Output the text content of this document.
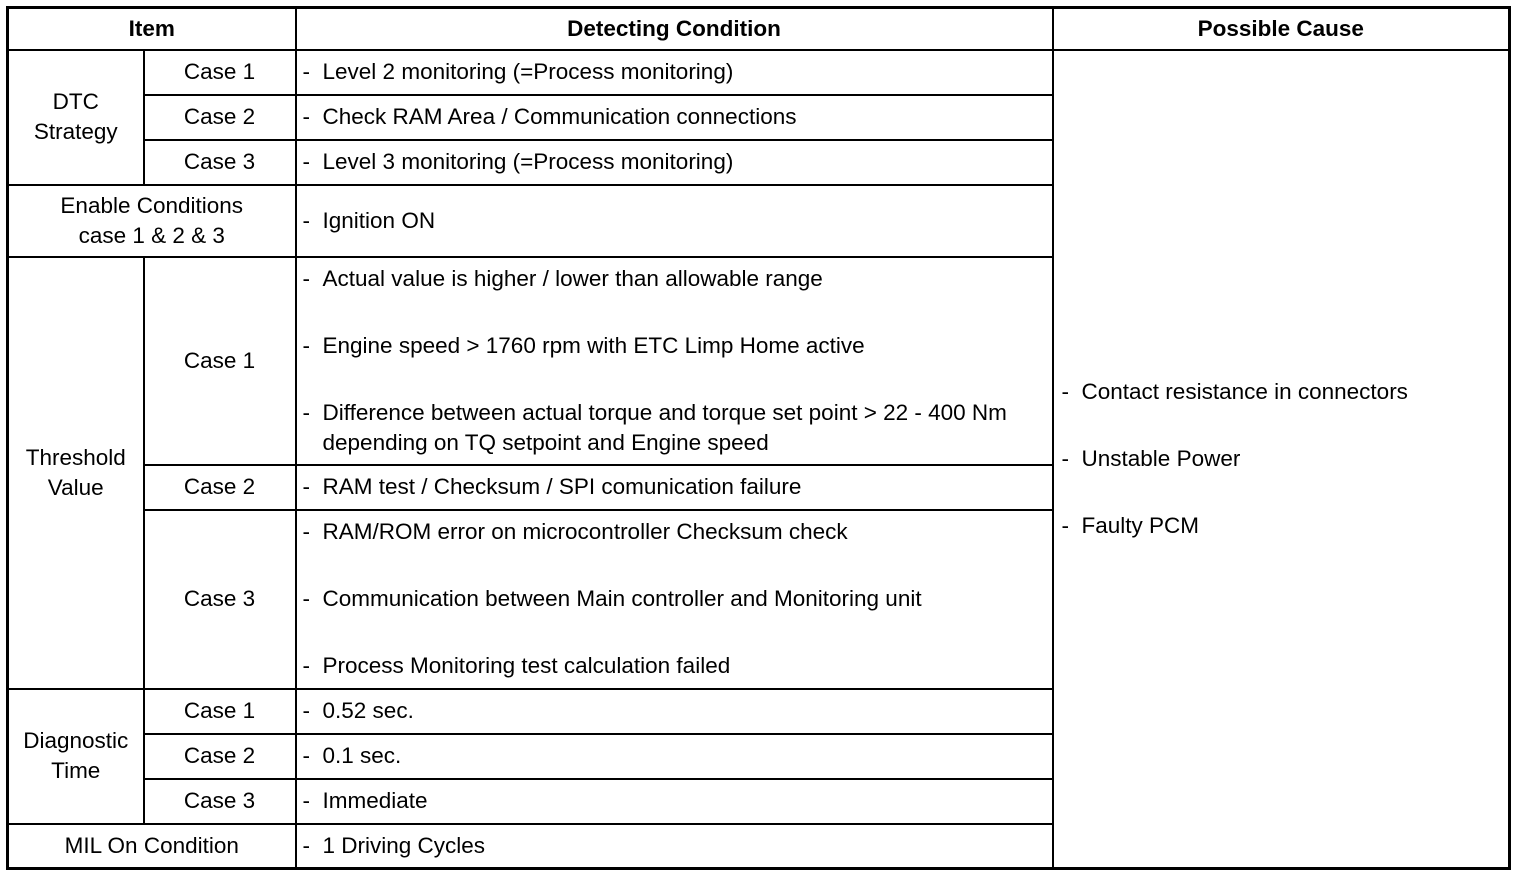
Item		Detecting Condition	Possible Cause

DTC Strategy	Case 1	- Level 2 monitoring (=Process monitoring)	- Contact resistance in connectors
- Unstable Power
- Faulty PCM

	Case 2	- Check RAM Area / Communication connections

	Case 3	- Level 3 monitoring (=Process monitoring)

Enable Conditions case 1 & 2 & 3		- Ignition ON

Threshold Value	Case 1	- Actual value is higher / lower than allowable range
- Engine speed > 1760 rpm with ETC Limp Home active
- Difference between actual torque and torque set point > 22 - 400 Nm depending on TQ setpoint and Engine speed

	Case 2	- RAM test / Checksum / SPI comunication failure

	Case 3	- RAM/ROM error on microcontroller Checksum check
- Communication between Main controller and Monitoring unit
- Process Monitoring test calculation failed

Diagnostic Time	Case 1	- 0.52 sec.

	Case 2	- 0.1 sec.

	Case 3	- Immediate

MIL On Condition		- 1 Driving Cycles
